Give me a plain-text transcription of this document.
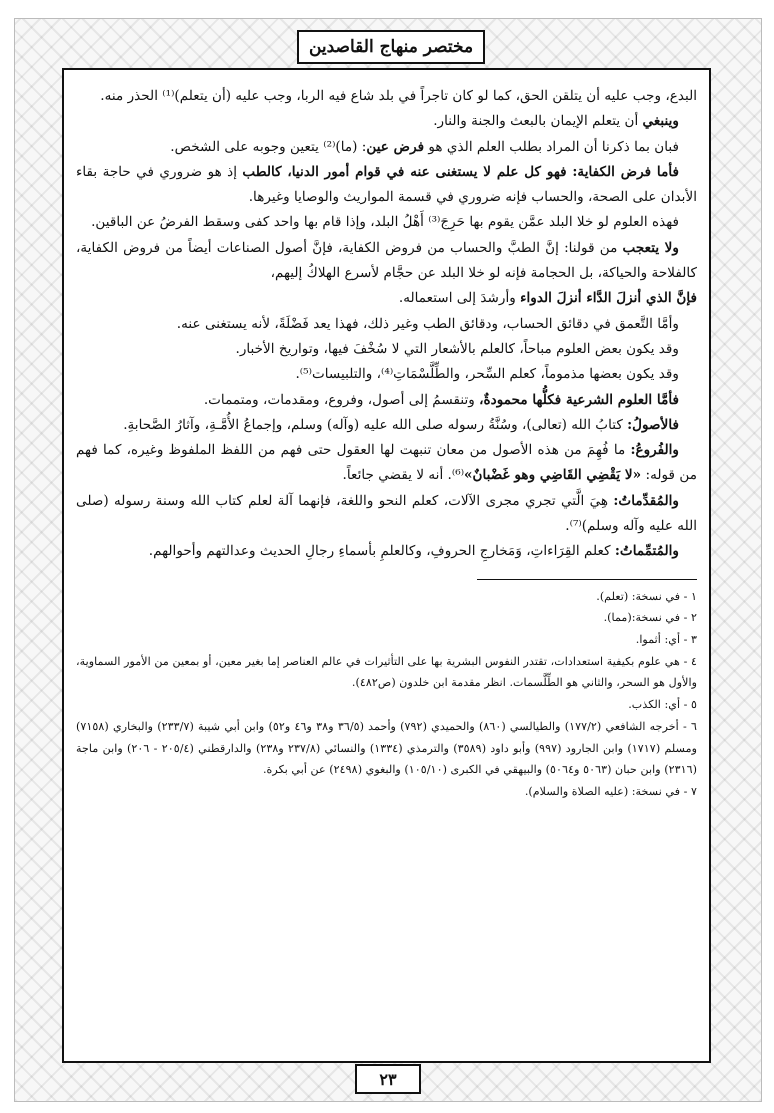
مختصر منهاج القاصدين

البدع، وجب عليه أن يتلقن الحق، كما لو كان تاجراً في بلد شاع فيه الربا، وجب عليه (أن يتعلم)⁽¹⁾ الحذر منه.

وينبغي أن يتعلم الإيمان بالبعث والجنة والنار.

فبان بما ذكرنا أن المراد بطلب العلم الذي هو فرض عين: (ما)⁽²⁾ يتعين وجوبه على الشخص.

فأما فرض الكفاية: فهو كل علم لا يستغنى عنه في قوام أمور الدنيا، كالطب إذ هو ضروري في حاجة بقاء الأبدان على الصحة، والحساب فإنه ضروري في قسمة المواريث والوصايا وغيرها.

فهذه العلوم لو خلا البلد عمَّن يقوم بها حَرِجَ⁽³⁾ أَهْلُ البلد، وإذا قام بها واحد كفى وسقط الفرضُ عن الباقين.

ولا يتعجب من قولنا: إنَّ الطبَّ والحساب من فروض الكفاية، فإنَّ أصول الصناعات أيضاً من فروض الكفاية، كالفلاحة والحياكة، بل الحجامة فإنه لو خلا البلد عن حجَّام لأسرع الهلاكُ إليهم،

فإنَّ الذي أنزلَ الدَّاء أنزلَ الدواء وأرشدَ إلى استعماله.

وأمَّا التَّعمق في دقائق الحساب، ودقائق الطب وغير ذلك، فهذا يعد فَضْلَةً، لأنه يستغنى عنه.

وقد يكون بعض العلوم مباحاً، كالعلم بالأشعار التي لا سُخْفَ فيها، وتواريخ الأخبار.

وقد يكون بعضها مذموماً، كعلم السِّحر، والطِّلَّسْمَاتِ⁽⁴⁾، والتلبيسات⁽⁵⁾.

فأمَّا العلوم الشرعية فكلُّها محمودةٌ، وتنقسمُ إلى أصول، وفروع، ومقدمات، ومتممات.

فالأصولُ: كتابُ الله (تعالى)، وسُنَّةُ رسوله صلى الله عليه (وآله) وسلم، وإجماعُ الأُمَّـةِ، وآثارُ الصَّحابةِ.

والفُروعُ: ما فُهِمَ من هذه الأصول من معان تنبهت لها العقول حتى فهم من اللفظ الملفوظ وغيره، كما فهم من قوله: «لا يَقْضِي القَاضِي وهو غَضْبانٌ»⁽⁶⁾. أنه لا يقضي جائعاً.

والمُقدِّماتُ: هِيَ الَّتي تجري مجرى الآلات، كعلم النحو واللغة، فإنهما آلة لعلم كتاب الله وسنة رسوله (صلى الله عليه وآله وسلم)⁽⁷⁾.

والمُتمِّماتُ: كعلم القِرَاءاتِ، وَمَخارجِ الحروفِ، وكالعلمِ بأسماءِ رجالِ الحديث وعدالتهم وأحوالهم.

١ - في نسخة: (تعلم).

٢ - في نسخة:(مما).

٣ - أي: أثموا.

٤ - هي علوم بكيفية استعدادات، تقتدر النفوس البشرية بها على التأثيرات في عالم العناصر إما بغير معين، أو بمعين من الأمور السماوية، والأول هو السحر، والثاني هو الطِّلَّسمات. انظر مقدمة ابن خلدون (ص٤٨٢).

٥ - أي: الكذب.

٦ - أخرجه الشافعي (١٧٧/٢) والطيالسي (٨٦٠) والحميدي (٧٩٢) وأحمد (٣٦/٥ و٣٨ و٤٦ و٥٢) وابن أبي شيبة (٢٣٣/٧) والبخاري (٧١٥٨) ومسلم (١٧١٧) وابن الجارود (٩٩٧) وأبو داود (٣٥٨٩) والترمذي (١٣٣٤) والنسائي (٢٣٧/٨ و٢٣٨) والدارقطني (٢٠٥/٤ - ٢٠٦) وابن ماجة (٢٣١٦) وابن حبان (٥٠٦٣ و٥٠٦٤) والبيهقي في الكبرى (١٠٥/١٠) والبغوي (٢٤٩٨) عن أبي بكرة.

٧ - في نسخة: (عليه الصلاة والسلام).

٢٣
